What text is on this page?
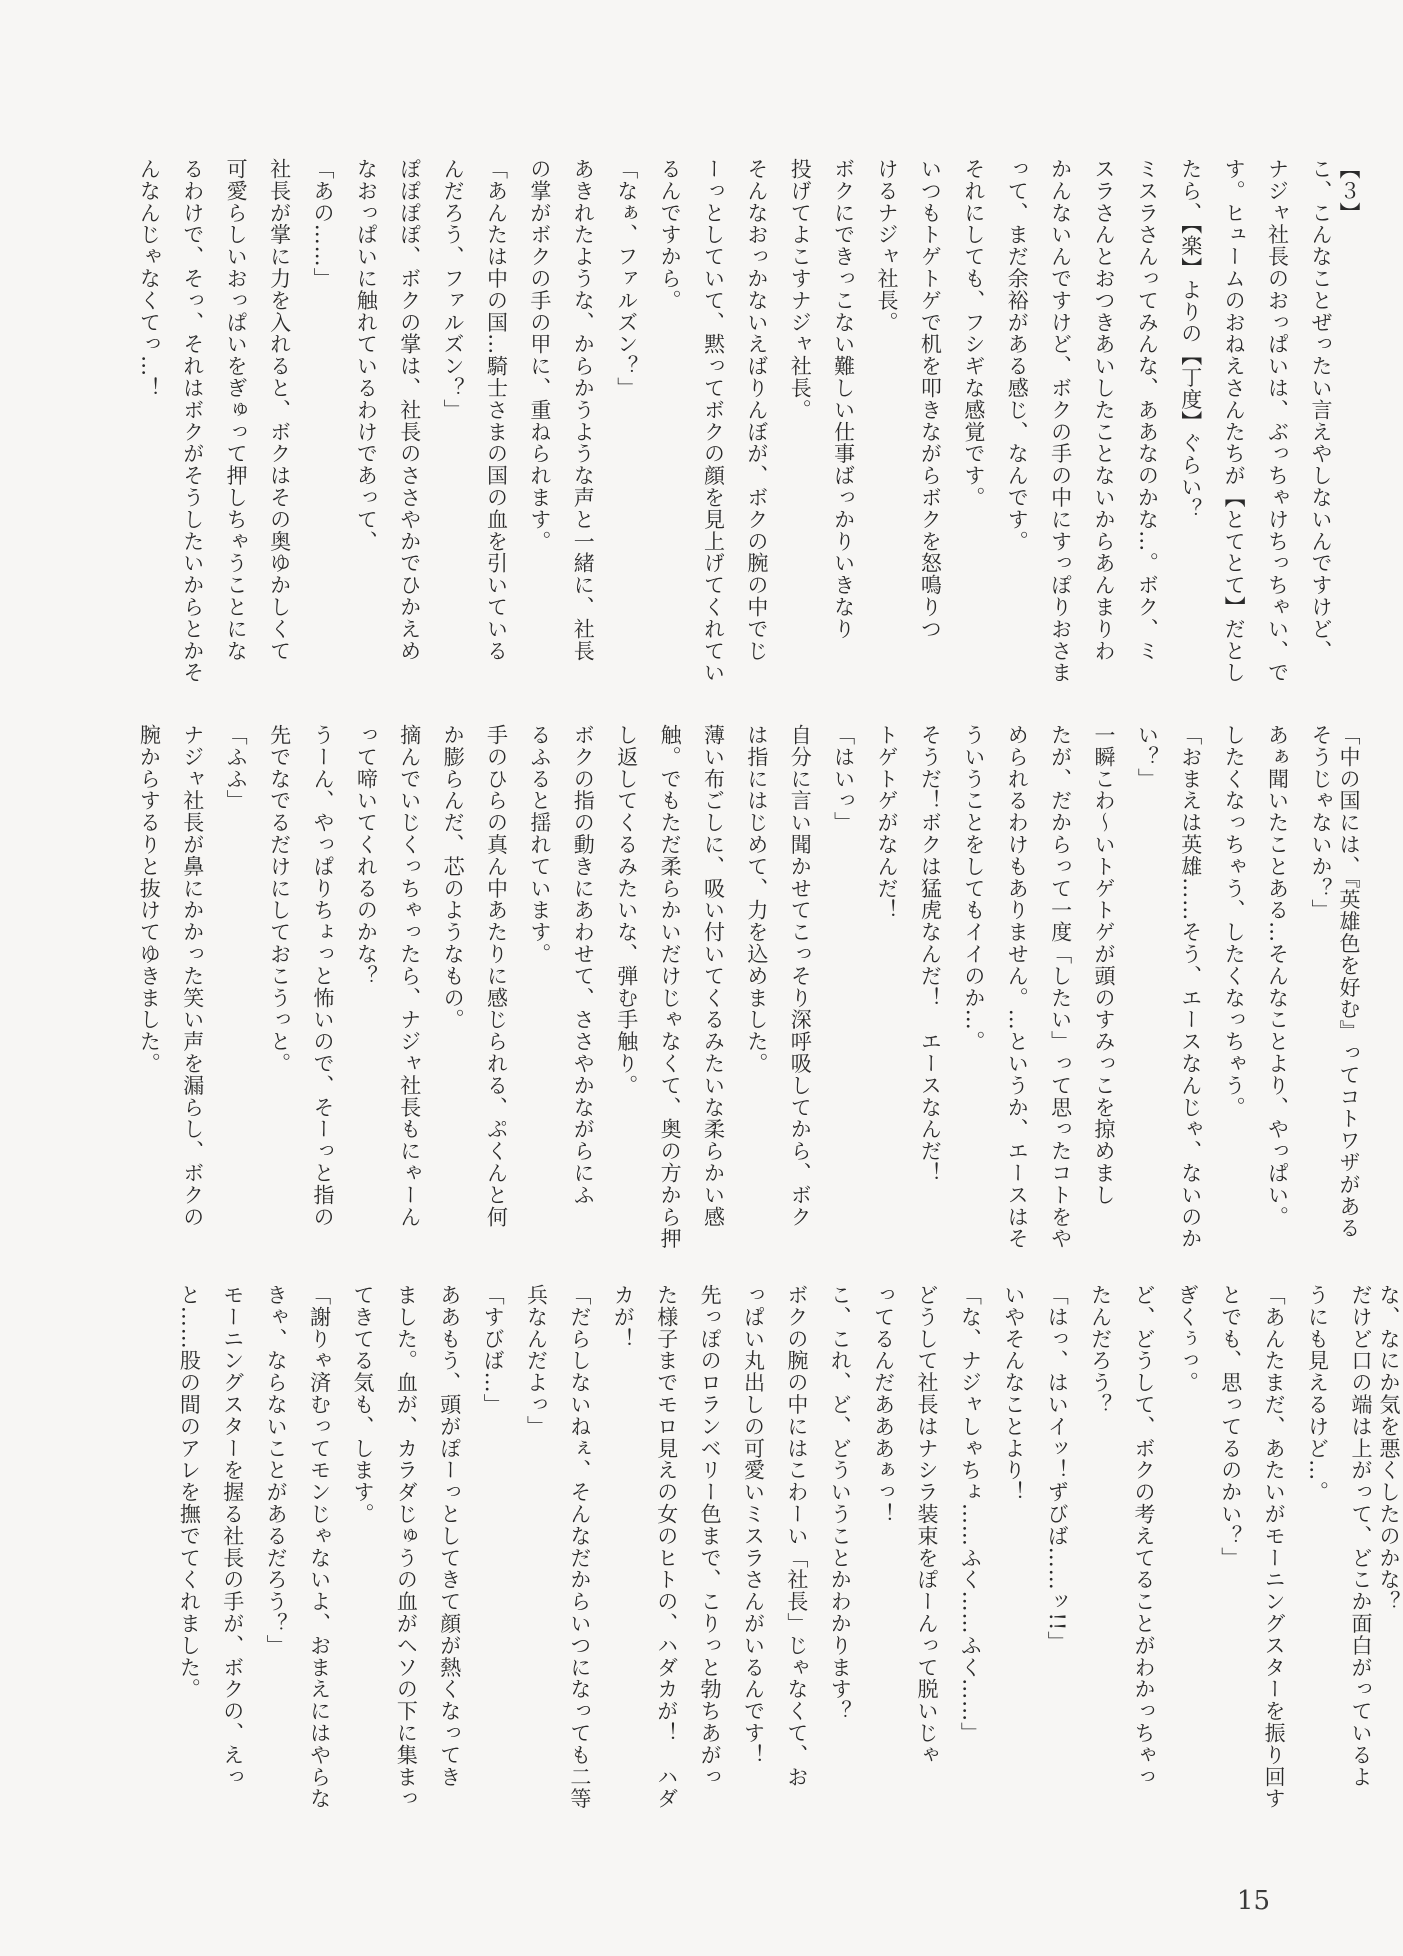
【３】
こ、こんなことぜったい言えやしないんですけど、
ナジャ社長のおっぱいは、ぶっちゃけちっちゃい、で
す。ヒュームのおねえさんたちが【とてとて】だとし
たら、【楽】よりの【丁度】ぐらい？
ミスラさんってみんな、ああなのかな…。ボク、ミ
スラさんとおつきあいしたことないからあんまりわ
かんないんですけど、ボクの手の中にすっぽりおさま
って、まだ余裕がある感じ、なんです。
それにしても、フシギな感覚です。
いつもトゲトゲで机を叩きながらボクを怒鳴りつ
けるナジャ社長。
ボクにできっこない難しい仕事ばっかりいきなり
投げてよこすナジャ社長。
そんなおっかないえばりんぼが、ボクの腕の中でじ
ーっとしていて、黙ってボクの顔を見上げてくれてい
るんですから。
「なぁ、ファルズン？」
あきれたような、からかうような声と一緒に、社長
の掌がボクの手の甲に、重ねられます。
「あんたは中の国…騎士さまの国の血を引いている
んだろう、ファルズン？」
ぽぽぽぽ、ボクの掌は、社長のささやかでひかえめ
なおっぱいに触れているわけであって、
「あの……」
社長が掌に力を入れると、ボクはその奥ゆかしくて
可愛らしいおっぱいをぎゅって押しちゃうことにな
るわけで、そっ、それはボクがそうしたいからとかそ
んなんじゃなくてっ…！
「中の国には、『英雄色を好む』ってコトワザがある
そうじゃないか？」
あぁ聞いたことある…そんなことより、やっぱい。
したくなっちゃう、したくなっちゃう。
「おまえは英雄……そう、エースなんじゃ、ないのか
い？」
一瞬こわ〜いトゲトゲが頭のすみっこを掠めまし
たが、だからって一度「したい」って思ったコトをや
められるわけもありません。…というか、エースはそ
ういうことをしてもイイのか…。
そうだ！ボクは猛虎なんだ！　エースなんだ！
トゲトゲがなんだ！
「はいっ」
自分に言い聞かせてこっそり深呼吸してから、ボク
は指にはじめて、力を込めました。
薄い布ごしに、吸い付いてくるみたいな柔らかい感
触。でもただ柔らかいだけじゃなくて、奥の方から押
し返してくるみたいな、弾む手触り。
ボクの指の動きにあわせて、ささやかながらにふ
るふると揺れています。
手のひらの真ん中あたりに感じられる、ぷくんと何
か膨らんだ、芯のようなもの。
摘んでいじくっちゃったら、ナジャ社長もにゃーん
って啼いてくれるのかな？
うーん、やっぱりちょっと怖いので、そーっと指の
先でなでるだけにしておこうっと。
「ふふ」
ナジャ社長が鼻にかかった笑い声を漏らし、ボクの
腕からするりと抜けてゆきました。
な、なにか気を悪くしたのかな？
だけど口の端は上がって、どこか面白がっているよ
うにも見えるけど…。
「あんたまだ、あたいがモーニングスターを振り回す
とでも、思ってるのかい？」
ぎくぅっ。
ど、どうして、ボクの考えてることがわかっちゃっ
たんだろう？
「はっ、はいイッ！ずびば……ッ!!」
いやそんなことより！
「な、ナジャしゃちょ……ふく……ふく……」
どうして社長はナシラ装束をぽーんって脱いじゃ
ってるんだあああぁっ！
こ、これ、ど、どういうことかわかります？
ボクの腕の中にはこわーい「社長」じゃなくて、お
っぱい丸出しの可愛いミスラさんがいるんです！
先っぽのロランベリー色まで、こりっと勃ちあがっ
た様子までモロ見えの女のヒトの、ハダカが！　ハダ
カが！
「だらしないねぇ、そんなだからいつになっても二等
兵なんだよっ」
「すびば…」
ああもう、頭がぽーっとしてきて顔が熱くなってき
ました。血が、カラダじゅうの血がヘソの下に集まっ
てきてる気も、します。
「謝りゃ済むってモンじゃないよ、おまえにはやらな
きゃ、ならないことがあるだろう？」
モーニングスターを握る社長の手が、ボクの、えっ
と……股の間のアレを撫でてくれました。
15
